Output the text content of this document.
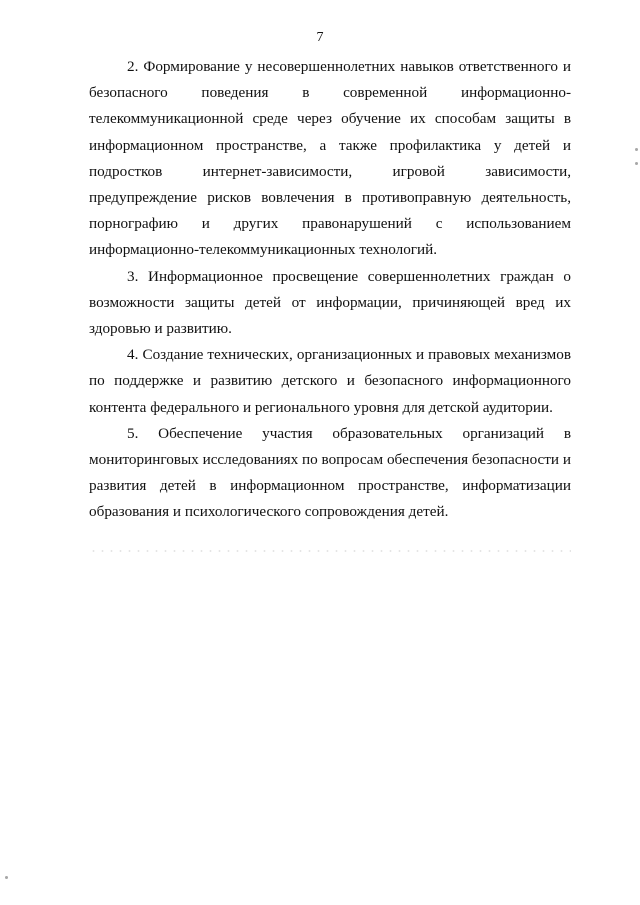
7

2. Формирование у несовершеннолетних навыков ответственного и безопасного поведения в современной информационно-телекоммуникационной среде через обучение их способам защиты в информационном пространстве, а также профилактика у детей и подростков интернет-зависимости, игровой зависимости, предупреждение рисков вовлечения в противоправную деятельность, порнографию и других правонарушений с использованием информационно-телекоммуникационных технологий.

3. Информационное просвещение совершеннолетних граждан о возможности защиты детей от информации, причиняющей вред их здоровью и развитию.

4. Создание технических, организационных и правовых механизмов по поддержке и развитию детского и безопасного информационного контента федерального и регионального уровня для детской аудитории.

5. Обеспечение участия образовательных организаций в мониторинговых исследованиях по вопросам обеспечения безопасности и развития детей в информационном пространстве, информатизации образования и психологического сопровождения детей.
